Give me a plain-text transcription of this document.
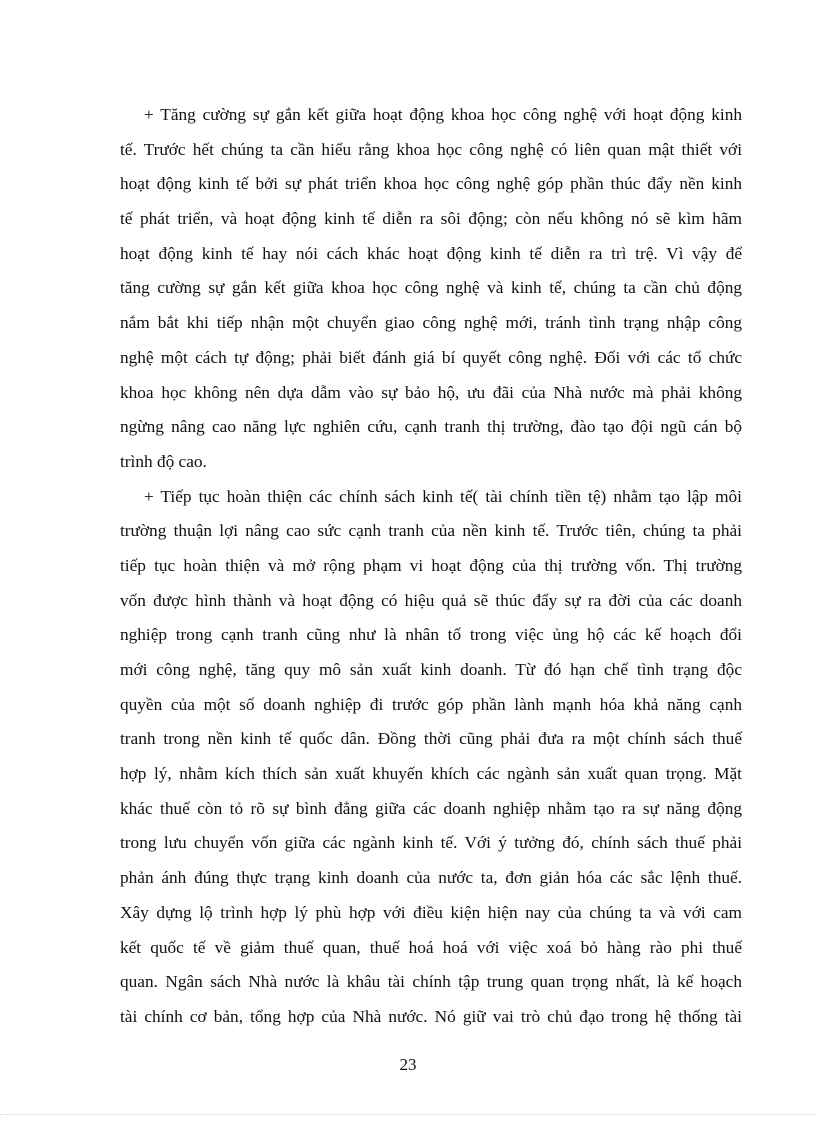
+ Tăng cường sự gắn kết giữa hoạt động khoa học công nghệ với hoạt động kinh
tế. Trước hết chúng ta cần hiểu rằng khoa học công nghệ có liên quan mật thiết với
hoạt động kinh tế bởi sự phát triển khoa học công nghệ góp phần thúc đẩy nền kinh
tế phát triển, và hoạt động kinh tế diễn ra sôi động; còn nếu không nó sẽ kìm hãm
hoạt động kinh tế hay nói cách khác hoạt động kinh tế diễn ra trì trệ. Vì vậy để
tăng cường sự gắn kết giữa khoa học công nghệ và kinh tế, chúng ta cần chủ động
nắm bắt khi tiếp nhận một chuyển giao công nghệ mới, tránh tình trạng nhập công
nghệ một cách tự động; phải biết đánh giá bí quyết công nghệ. Đối với các tổ chức
khoa học không nên dựa dẫm vào sự bảo hộ, ưu đãi của Nhà nước mà phải không
ngừng nâng cao năng lực nghiên cứu, cạnh tranh thị trường, đào tạo đội ngũ cán bộ
trình độ cao.
+ Tiếp tục hoàn thiện các chính sách kinh tế( tài chính tiền tệ) nhằm tạo lập môi
trường thuận lợi nâng cao sức cạnh tranh của nền kinh tế. Trước tiên, chúng ta phải
tiếp tục hoàn thiện và mở rộng phạm vi hoạt động của thị trường vốn. Thị trường
vốn được hình thành và hoạt động có hiệu quả sẽ thúc đẩy sự ra đời của các doanh
nghiệp trong cạnh tranh cũng như là nhân tố trong việc ủng hộ các kế hoạch đổi
mới công nghệ, tăng quy mô sản xuất kinh doanh. Từ đó hạn chế tình trạng độc
quyền của một số doanh nghiệp đi trước góp phần lành mạnh hóa khả năng cạnh
tranh trong nền kinh tế quốc dân. Đồng thời cũng phải đưa ra một chính sách thuế
hợp lý, nhằm kích thích sản xuất khuyến khích các ngành sản xuất quan trọng. Mặt
khác thuế còn tỏ rõ sự bình đẳng giữa các doanh nghiệp nhằm tạo ra sự năng động
trong lưu chuyển vốn giữa các ngành kinh tế. Với ý tưởng đó, chính sách thuế phải
phản ánh đúng thực trạng kinh doanh của nước ta, đơn giản hóa các sắc lệnh thuế.
Xây dựng lộ trình hợp lý phù hợp với điều kiện hiện nay của chúng ta và với cam
kết quốc tế về giảm thuế quan, thuế hoá hoá với việc xoá bỏ hàng rào phi thuế
quan. Ngân sách Nhà nước là khâu tài chính tập trung quan trọng nhất, là kế hoạch
tài chính cơ bản, tổng hợp của Nhà nước. Nó giữ vai trò chủ đạo trong hệ thống tài
23
